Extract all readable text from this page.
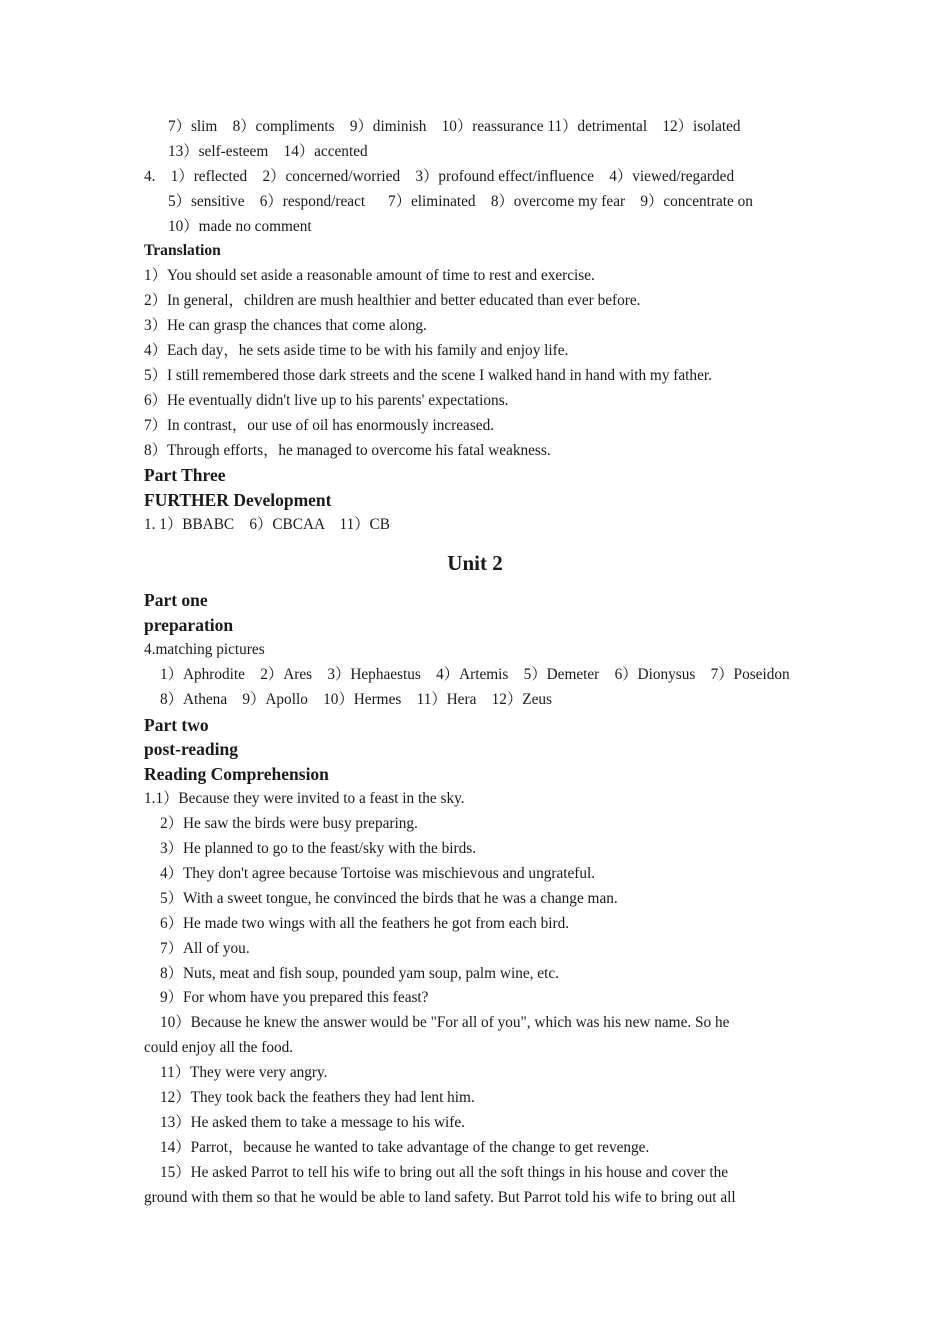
7）slim    8）compliments    9）diminish    10）reassurance 11）detrimental    12）isolated
13）self-esteem    14）accented
4.    1）reflected    2）concerned/worried    3）profound effect/influence    4）viewed/regarded
5）sensitive    6）respond/react      7）eliminated    8）overcome my fear    9）concentrate on
10）made no comment
Translation
1）You should set aside a reasonable amount of time to rest and exercise.
2）In general，children are mush healthier and better educated than ever before.
3）He can grasp the chances that come along.
4）Each day，he sets aside time to be with his family and enjoy life.
5）I still remembered those dark streets and the scene I walked hand in hand with my father.
6）He eventually didn't live up to his parents' expectations.
7）In contrast，our use of oil has enormously increased.
8）Through efforts，he managed to overcome his fatal weakness.
Part Three
FURTHER Development
1. 1）BBABC    6）CBCAA    11）CB
Unit 2
Part one
preparation
4.matching pictures
1）Aphrodite    2）Ares    3）Hephaestus    4）Artemis    5）Demeter    6）Dionysus    7）Poseidon
8）Athena    9）Apollo    10）Hermes    11）Hera    12）Zeus
Part two
post-reading
Reading Comprehension
1.1）Because they were invited to a feast in the sky.
2）He saw the birds were busy preparing.
3）He planned to go to the feast/sky with the birds.
4）They don't agree because Tortoise was mischievous and ungrateful.
5）With a sweet tongue, he convinced the birds that he was a change man.
6）He made two wings with all the feathers he got from each bird.
7）All of you.
8）Nuts, meat and fish soup, pounded yam soup, palm wine, etc.
9）For whom have you prepared this feast?
10）Because he knew the answer would be "For all of you", which was his new name. So he
could enjoy all the food.
11）They were very angry.
12）They took back the feathers they had lent him.
13）He asked them to take a message to his wife.
14）Parrot，because he wanted to take advantage of the change to get revenge.
15）He asked Parrot to tell his wife to bring out all the soft things in his house and cover the
ground with them so that he would be able to land safety. But Parrot told his wife to bring out all
